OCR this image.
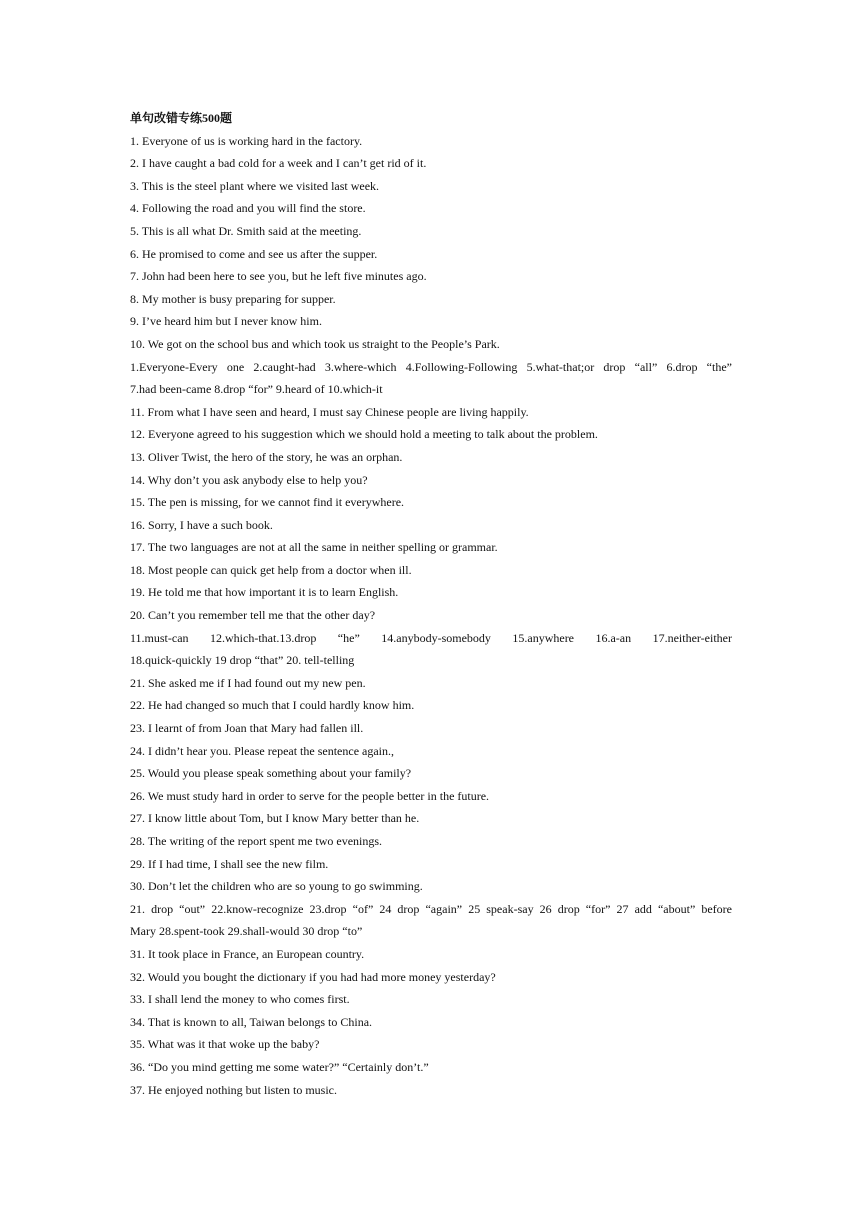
单句改错专练500题
1. Everyone of us is working hard in the factory.
2. I have caught a bad cold for a week and I can’t get rid of it.
3. This is the steel plant where we visited last week.
4. Following the road and you will find the store.
5. This is all what Dr. Smith said at the meeting.
6. He promised to come and see us after the supper.
7. John had been here to see you, but he left five minutes ago.
8. My mother is busy preparing for supper.
9. I’ve heard him but I never know him.
10. We got on the school bus and which took us straight to the People’s Park.
1.Everyone-Every one 2.caught-had 3.where-which 4.Following-Following 5.what-that;or drop “all” 6.drop “the”
7.had been-came 8.drop “for” 9.heard of 10.which-it
11. From what I have seen and heard, I must say Chinese people are living happily.
12. Everyone agreed to his suggestion which we should hold a meeting to talk about the problem.
13. Oliver Twist, the hero of the story, he was an orphan.
14. Why don’t you ask anybody else to help you?
15. The pen is missing, for we cannot find it everywhere.
16. Sorry, I have a such book.
17. The two languages are not at all the same in neither spelling or grammar.
18. Most people can quick get help from a doctor when ill.
19. He told me that how important it is to learn English.
20. Can’t you remember tell me that the other day?
11.must-can 12.which-that.13.drop “he” 14.anybody-somebody 15.anywhere 16.a-an 17.neither-either
18.quick-quickly 19 drop “that” 20. tell-telling
21. She asked me if I had found out my new pen.
22. He had changed so much that I could hardly know him.
23. I learnt of from Joan that Mary had fallen ill.
24. I didn’t hear you. Please repeat the sentence again.,
25. Would you please speak something about your family?
26. We must study hard in order to serve for the people better in the future.
27. I know little about Tom, but I know Mary better than he.
28. The writing of the report spent me two evenings.
29. If I had time, I shall see the new film.
30. Don’t let the children who are so young to go swimming.
21. drop “out” 22.know-recognize 23.drop “of” 24 drop “again” 25 speak-say 26 drop “for” 27 add “about” before
Mary 28.spent-took 29.shall-would 30 drop “to”
31. It took place in France, an European country.
32. Would you bought the dictionary if you had had more money yesterday?
33. I shall lend the money to who comes first.
34. That is known to all, Taiwan belongs to China.
35. What was it that woke up the baby?
36. “Do you mind getting me some water?” “Certainly don’t.”
37. He enjoyed nothing but listen to music.
